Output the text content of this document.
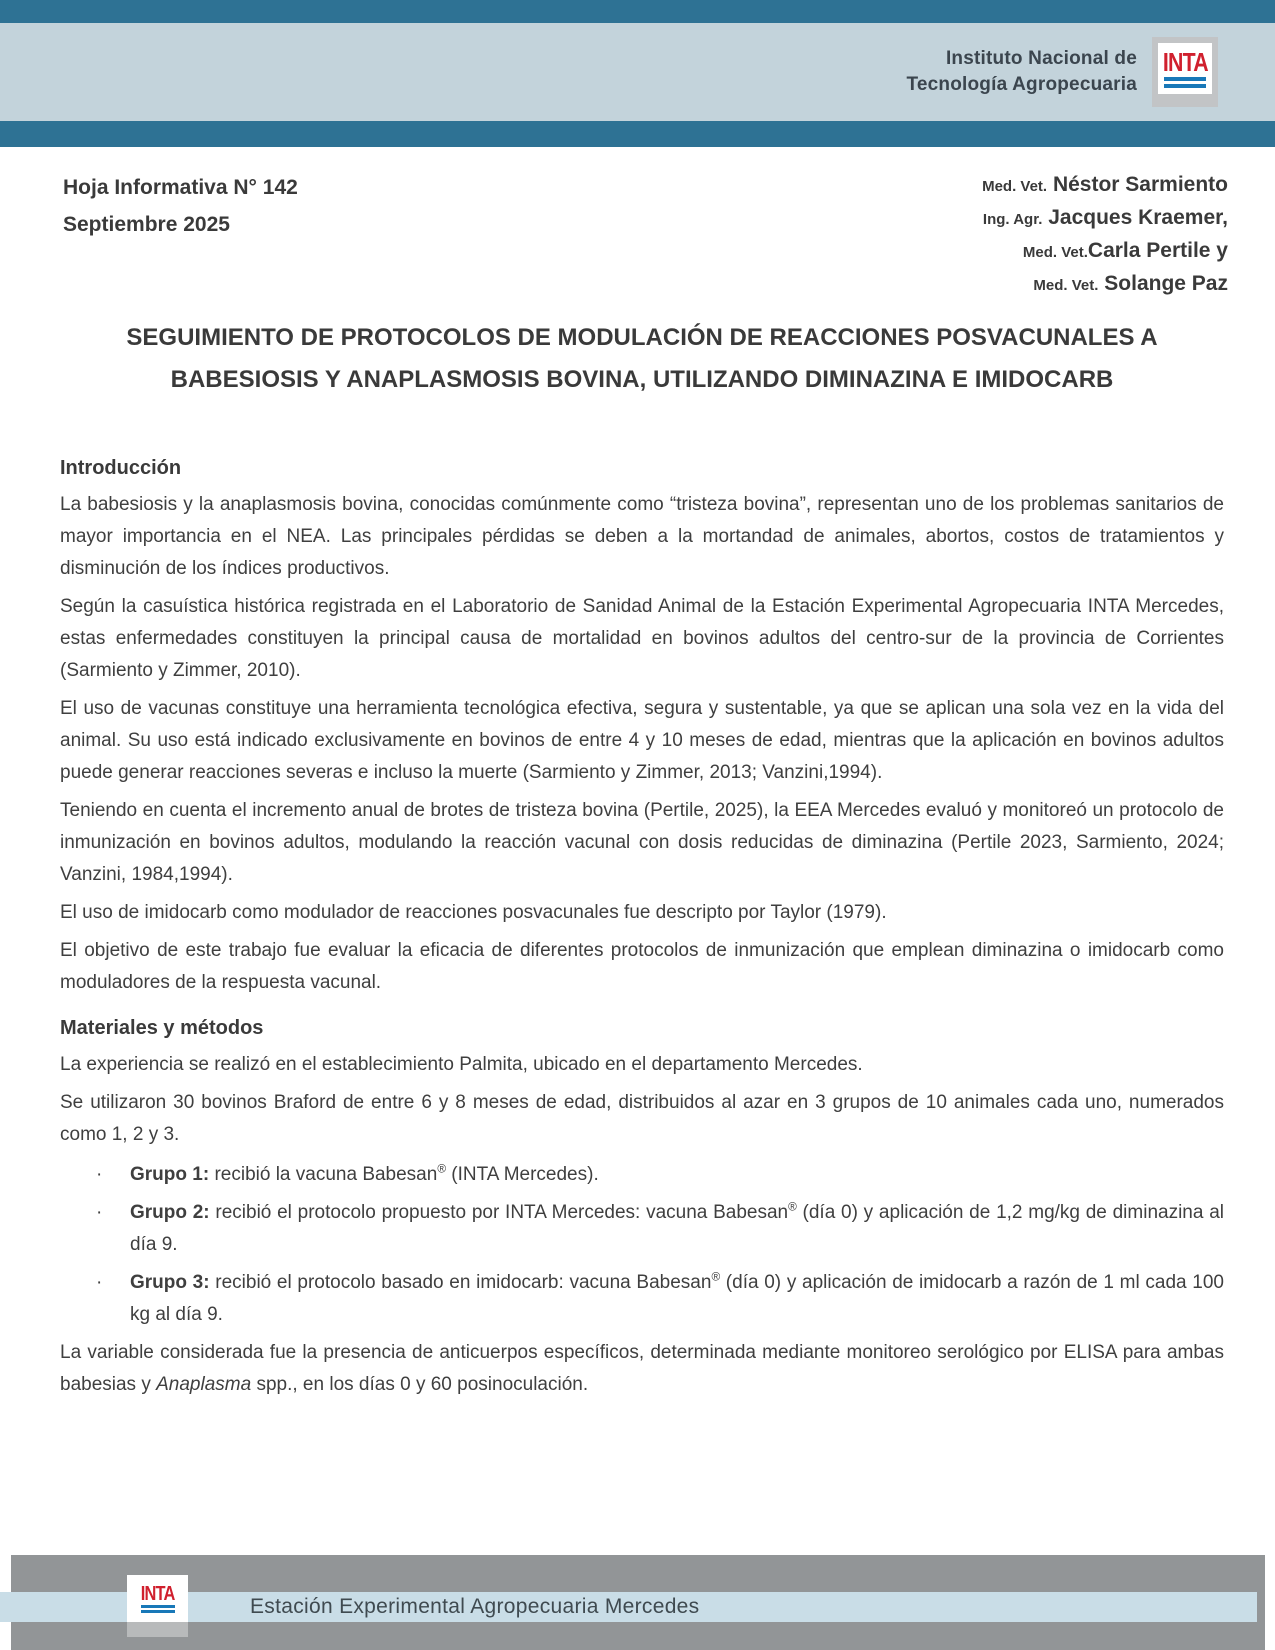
Instituto Nacional de
Tecnología Agropecuaria
INTA
Hoja Informativa N° 142
Septiembre 2025
Med. Vet. Néstor Sarmiento
Ing. Agr. Jacques Kraemer,
Med. Vet.Carla Pertile y
Med. Vet. Solange Paz
SEGUIMIENTO DE PROTOCOLOS DE MODULACIÓN DE REACCIONES POSVACUNALES A
BABESIOSIS Y ANAPLASMOSIS BOVINA, UTILIZANDO DIMINAZINA E IMIDOCARB
Introducción

La babesiosis y la anaplasmosis bovina, conocidas comúnmente como “tristeza bovina”, representan uno de los problemas sanitarios de mayor importancia en el NEA. Las principales pérdidas se deben a la mortandad de animales, abortos, costos de tratamientos y disminución de los índices productivos.

Según la casuística histórica registrada en el Laboratorio de Sanidad Animal de la Estación Experimental Agropecuaria INTA Mercedes, estas enfermedades constituyen la principal causa de mortalidad en bovinos adultos del centro-sur de la provincia de Corrientes (Sarmiento y Zimmer, 2010).

El uso de vacunas constituye una herramienta tecnológica efectiva, segura y sustentable, ya que se aplican una sola vez en la vida del animal. Su uso está indicado exclusivamente en bovinos de entre 4 y 10 meses de edad, mientras que la aplicación en bovinos adultos puede generar reacciones severas e incluso la muerte (Sarmiento y Zimmer, 2013; Vanzini,1994).

Teniendo en cuenta el incremento anual de brotes de tristeza bovina (Pertile, 2025), la EEA Mercedes evaluó y monitoreó un protocolo de inmunización en bovinos adultos, modulando la reacción vacunal con dosis reducidas de diminazina (Pertile 2023, Sarmiento, 2024; Vanzini, 1984,1994).

El uso de imidocarb como modulador de reacciones posvacunales fue descripto por Taylor (1979).

El objetivo de este trabajo fue evaluar la eficacia de diferentes protocolos de inmunización que emplean diminazina o imidocarb como moduladores de la respuesta vacunal.

Materiales y métodos

La experiencia se realizó en el establecimiento Palmita, ubicado en el departamento Mercedes.

Se utilizaron 30 bovinos Braford de entre 6 y 8 meses de edad, distribuidos al azar en 3 grupos de 10 animales cada uno, numerados como 1, 2 y 3.

· Grupo 1: recibió la vacuna Babesan® (INTA Mercedes).
· Grupo 2: recibió el protocolo propuesto por INTA Mercedes: vacuna Babesan® (día 0) y aplicación de 1,2 mg/kg de diminazina al día 9.
· Grupo 3: recibió el protocolo basado en imidocarb: vacuna Babesan® (día 0) y aplicación de imidocarb a razón de 1 ml cada 100 kg al día 9.

La variable considerada fue la presencia de anticuerpos específicos, determinada mediante monitoreo serológico por ELISA para ambas babesias y Anaplasma spp., en los días 0 y 60 posinoculación.

Estación Experimental Agropecuaria Mercedes
INTA
